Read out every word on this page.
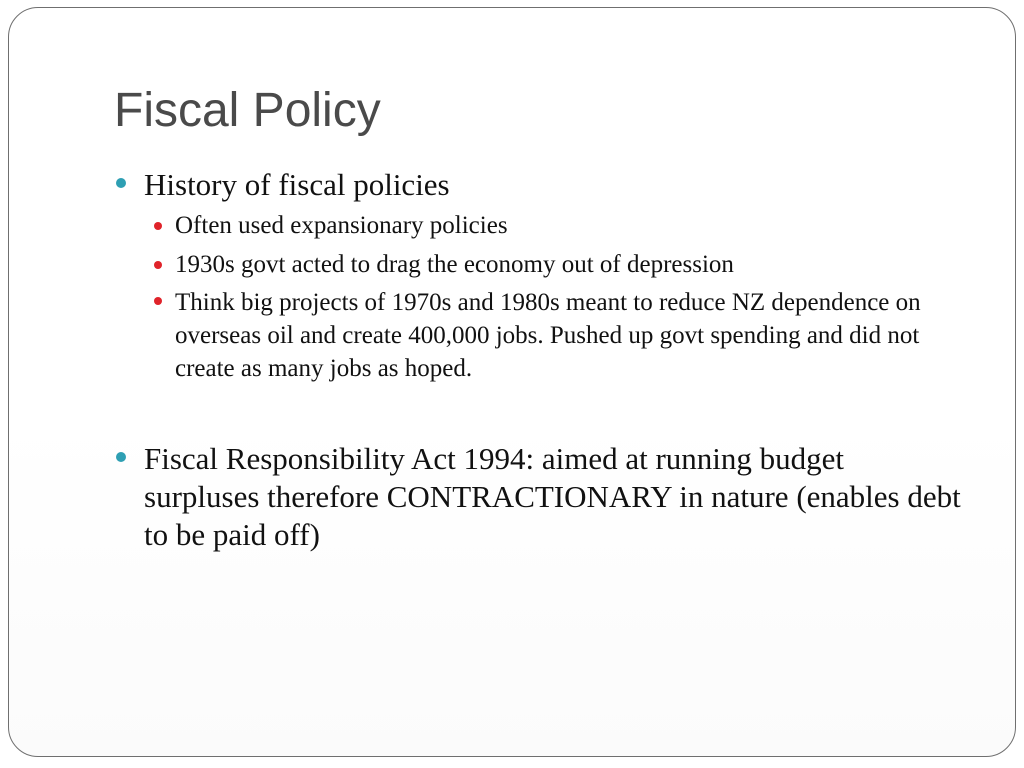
Fiscal Policy

History of fiscal policies

Often used expansionary policies

1930s govt acted to drag the economy out of depression

Think big projects of 1970s and 1980s meant to reduce NZ dependence on overseas oil and create 400,000 jobs. Pushed up govt spending and did not create as many jobs as hoped.

Fiscal Responsibility Act 1994: aimed at running budget surpluses therefore CONTRACTIONARY in nature (enables debt to be paid off)
